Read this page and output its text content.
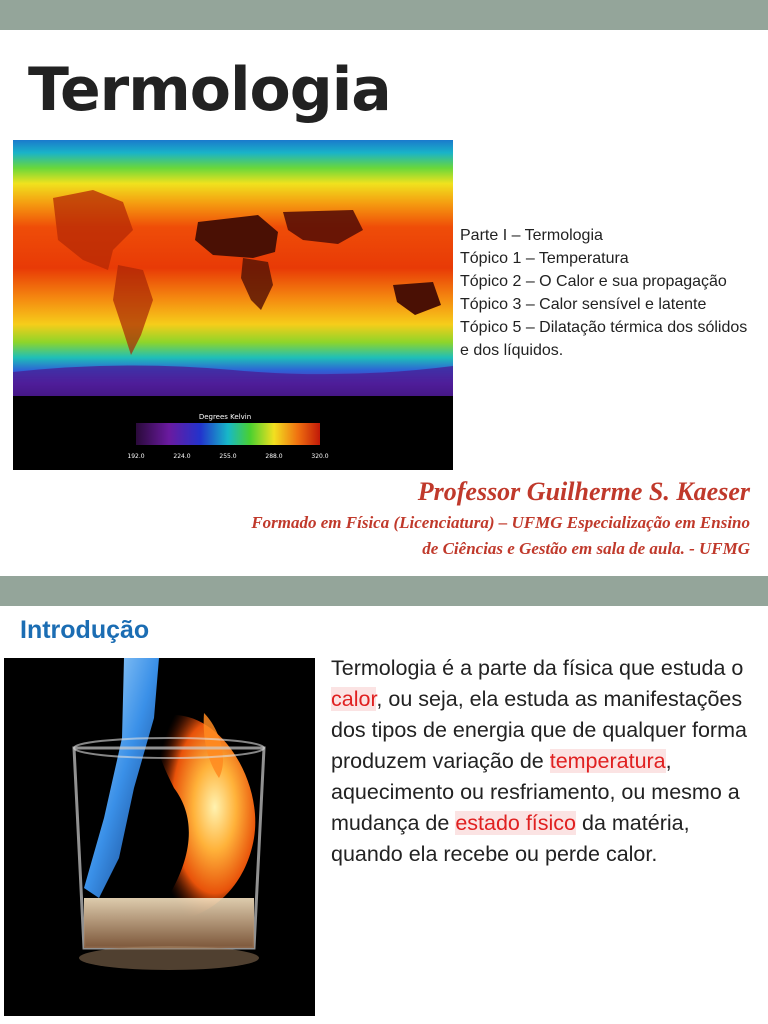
Termologia
Degrees Kelvin
192.0	224.0	255.0	288.0	320.0
Parte I – Termologia
Tópico 1 – Temperatura
Tópico 2 – O Calor e sua propagação
Tópico 3 – Calor sensível e latente
Tópico 5 – Dilatação térmica dos sólidos e dos líquidos.
Professor Guilherme S. Kaeser
Formado em Física (Licenciatura) – UFMG Especialização em Ensino de Ciências e Gestão em sala de aula. - UFMG
Introdução

Termologia é a parte da física que estuda o calor, ou seja, ela estuda as manifestações dos tipos de energia que de qualquer forma produzem variação de temperatura, aquecimento ou resfriamento, ou mesmo a mudança de estado físico da matéria, quando ela recebe ou perde calor.
